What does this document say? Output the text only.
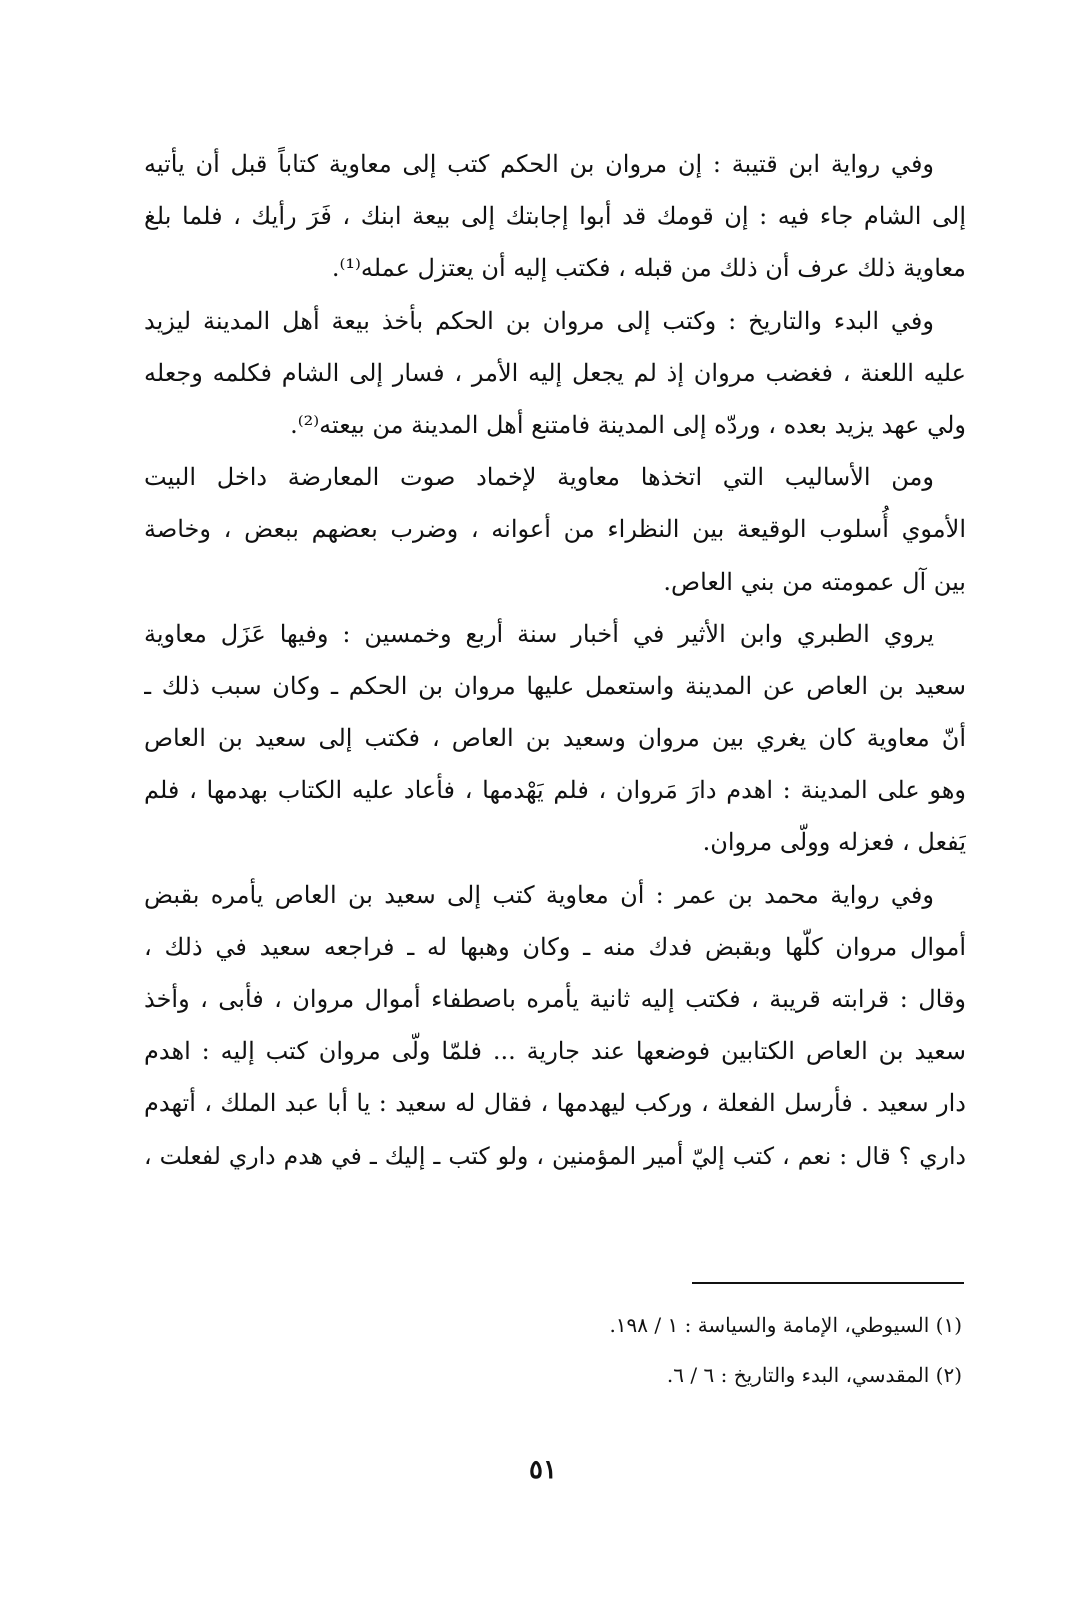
وفي رواية ابن قتيبة : إن مروان بن الحكم كتب إلى معاوية كتاباً قبل أن يأتيه
إلى الشام جاء فيه : إن قومك قد أبوا إجابتك إلى بيعة ابنك ، فَرَ رأيك ، فلما بلغ
معاوية ذلك عرف أن ذلك من قبله ، فكتب إليه أن يعتزل عمله⁽¹⁾.
وفي البدء والتاريخ : وكتب إلى مروان بن الحكم بأخذ بيعة أهل المدينة ليزيد
عليه اللعنة ، فغضب مروان إذ لم يجعل إليه الأمر ، فسار إلى الشام فكلمه وجعله
ولي عهد يزيد بعده ، وردّه إلى المدينة فامتنع أهل المدينة من بيعته⁽²⁾.
ومن الأساليب التي اتخذها معاوية لإخماد صوت المعارضة داخل البيت
الأموي أُسلوب الوقيعة بين النظراء من أعوانه ، وضرب بعضهم ببعض ، وخاصة
بين آل عمومته من بني العاص.
يروي الطبري وابن الأثير في أخبار سنة أربع وخمسين : وفيها عَزَل معاوية
سعيد بن العاص عن المدينة واستعمل عليها مروان بن الحكم ـ وكان سبب ذلك ـ
أنّ معاوية كان يغري بين مروان وسعيد بن العاص ، فكتب إلى سعيد بن العاص
وهو على المدينة : اهدم دارَ مَروان ، فلم يَهْدمها ، فأعاد عليه الكتاب بهدمها ، فلم
يَفعل ، فعزله وولّى مروان.
وفي رواية محمد بن عمر : أن معاوية كتب إلى سعيد بن العاص يأمره بقبض
أموال مروان كلّها وبقبض فدك منه ـ وكان وهبها له ـ فراجعه سعيد في ذلك ،
وقال : قرابته قريبة ، فكتب إليه ثانية يأمره باصطفاء أموال مروان ، فأبى ، وأخذ
سعيد بن العاص الكتابين فوضعها عند جارية ... فلمّا ولّى مروان كتب إليه : اهدم
دار سعيد . فأرسل الفعلة ، وركب ليهدمها ، فقال له سعيد : يا أبا عبد الملك ، أتهدم
داري ؟ قال : نعم ، كتب إليّ أمير المؤمنين ، ولو كتب ـ إليك ـ في هدم داري لفعلت ،

(١) السيوطي، الإمامة والسياسة : ١ / ١٩٨.

(٢) المقدسي، البدء والتاريخ : ٦ / ٦.

٥١
